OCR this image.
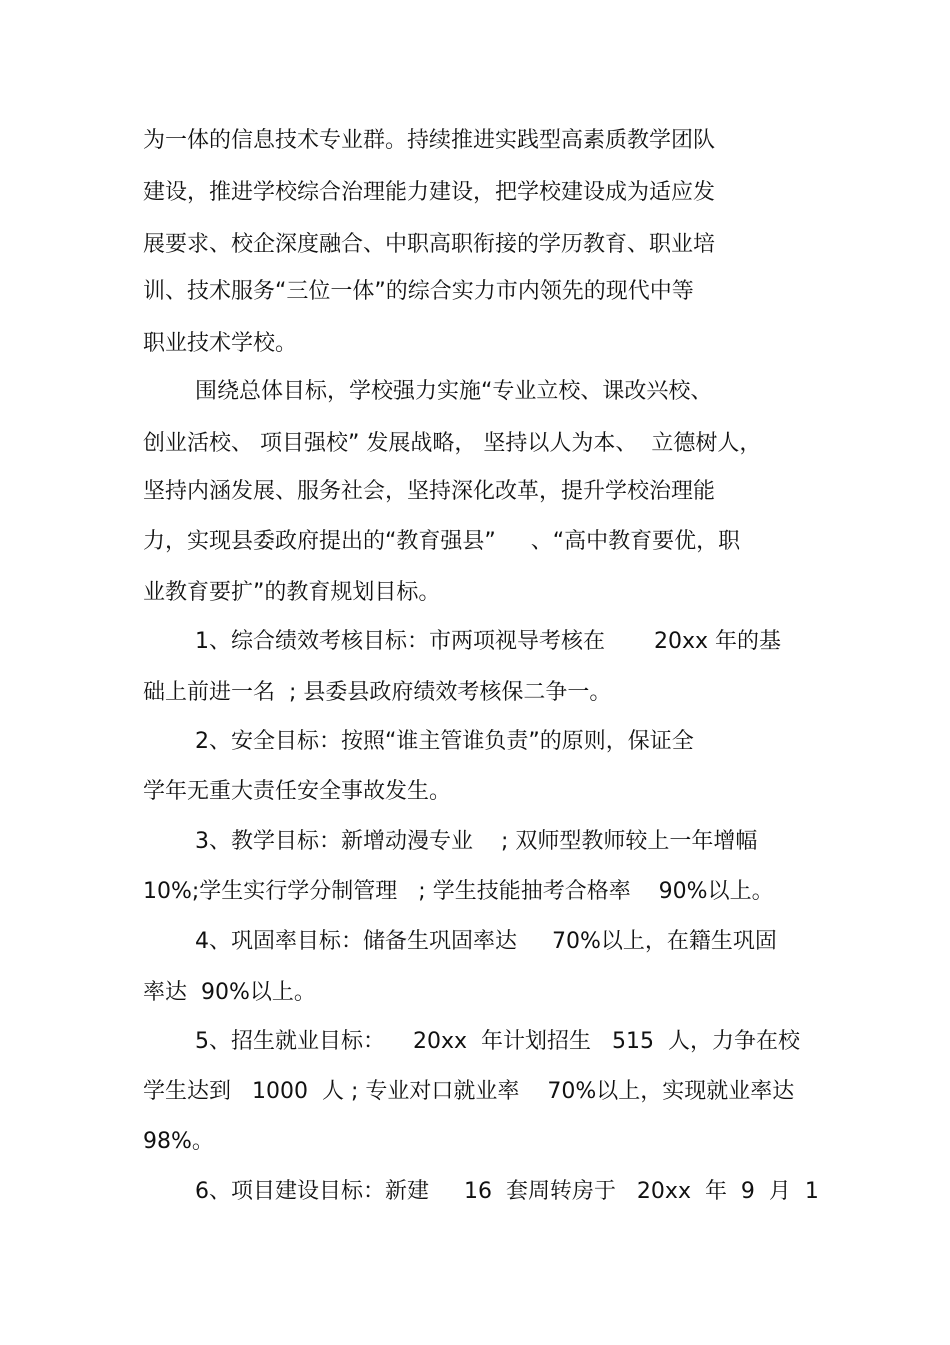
为一体的信息技术专业群。持续推进实践型高素质教学团队
建设，推进学校综合治理能力建设，把学校建设成为适应发
展要求、校企深度融合、中职高职衔接的学历教育、职业培
训、技术服务“三位一体”的综合实力市内领先的现代中等
职业技术学校。
围绕总体目标，学校强力实施“专业立校、课改兴校、
创业活校、 项目强校” 发展战略， 坚持以人为本、  立德树人，
坚持内涵发展、服务社会，坚持深化改革，提升学校治理能
力，实现县委政府提出的“教育强县”     、“高中教育要优，职
业教育要扩”的教育规划目标。
1、综合绩效考核目标：市两项视导考核在       20xx 年的基
础上前进一名  ; 县委县政府绩效考核保二争一。
2、安全目标：按照“谁主管谁负责”的原则，保证全
学年无重大责任安全事故发生。
3、教学目标：新增动漫专业    ; 双师型教师较上一年增幅
10%;学生实行学分制管理   ; 学生技能抽考合格率    90%以上。
4、巩固率目标：储备生巩固率达     70%以上，在籍生巩固
率达  90%以上。
5、招生就业目标：    20xx  年计划招生   515  人，力争在校
学生达到   1000  人 ; 专业对口就业率    70%以上，实现就业率达
98%。
6、项目建设目标：新建     16  套周转房于   20xx  年  9  月  1
